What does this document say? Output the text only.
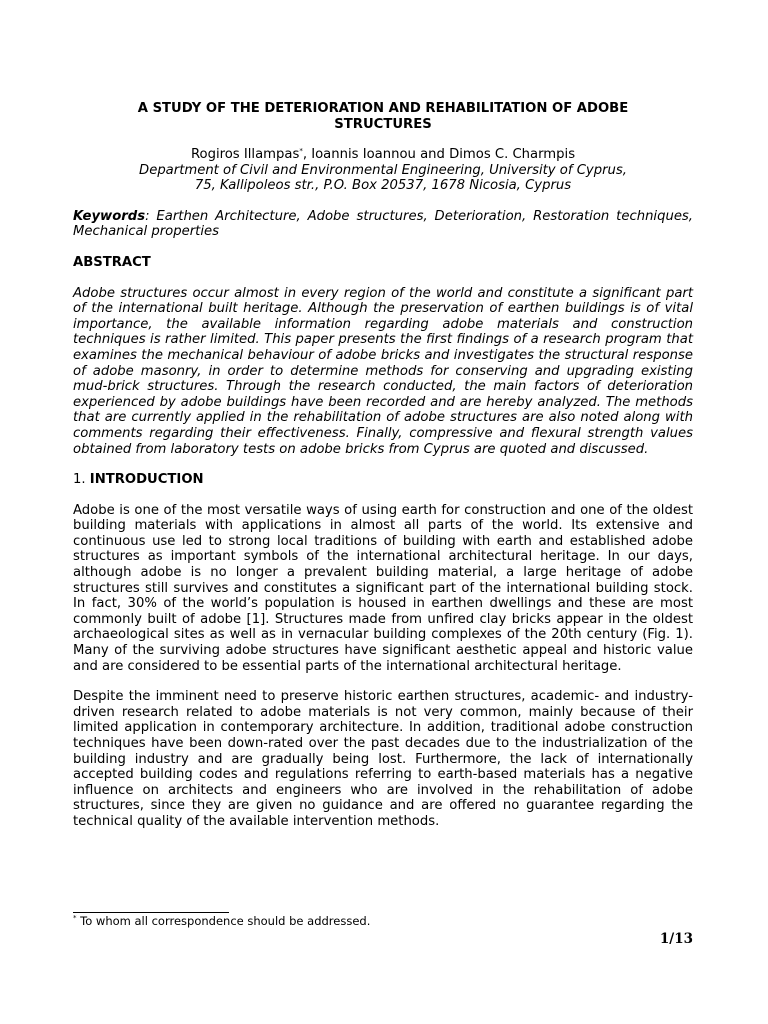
A STUDY OF THE DETERIORATION AND REHABILITATION OF ADOBE STRUCTURES
Rogiros Illampas*, Ioannis Ioannou and Dimos C. Charmpis
Department of Civil and Environmental Engineering, University of Cyprus,
75, Kallipoleos str., P.O. Box 20537, 1678 Nicosia, Cyprus
Keywords: Earthen Architecture, Adobe structures, Deterioration, Restoration techniques, Mechanical properties
ABSTRACT
Adobe structures occur almost in every region of the world and constitute a significant part of the international built heritage. Although the preservation of earthen buildings is of vital importance, the available information regarding adobe materials and construction techniques is rather limited. This paper presents the first findings of a research program that examines the mechanical behaviour of adobe bricks and investigates the structural response of adobe masonry, in order to determine methods for conserving and upgrading existing mud-brick structures. Through the research conducted, the main factors of deterioration experienced by adobe buildings have been recorded and are hereby analyzed. The methods that are currently applied in the rehabilitation of adobe structures are also noted along with comments regarding their effectiveness. Finally, compressive and flexural strength values obtained from laboratory tests on adobe bricks from Cyprus are quoted and discussed.
1. INTRODUCTION
Adobe is one of the most versatile ways of using earth for construction and one of the oldest building materials with applications in almost all parts of the world. Its extensive and continuous use led to strong local traditions of building with earth and established adobe structures as important symbols of the international architectural heritage. In our days, although adobe is no longer a prevalent building material, a large heritage of adobe structures still survives and constitutes a significant part of the international building stock. In fact, 30% of the world’s population is housed in earthen dwellings and these are most commonly built of adobe [1]. Structures made from unfired clay bricks appear in the oldest archaeological sites as well as in vernacular building complexes of the 20th century (Fig. 1). Many of the surviving adobe structures have significant aesthetic appeal and historic value and are considered to be essential parts of the international architectural heritage.
Despite the imminent need to preserve historic earthen structures, academic- and industry-driven research related to adobe materials is not very common, mainly because of their limited application in contemporary architecture. In addition, traditional adobe construction techniques have been down-rated over the past decades due to the industrialization of the building industry and are gradually being lost. Furthermore, the lack of internationally accepted building codes and regulations referring to earth-based materials has a negative influence on architects and engineers who are involved in the rehabilitation of adobe structures, since they are given no guidance and are offered no guarantee regarding the technical quality of the available intervention methods.
* To whom all correspondence should be addressed.
1/13
